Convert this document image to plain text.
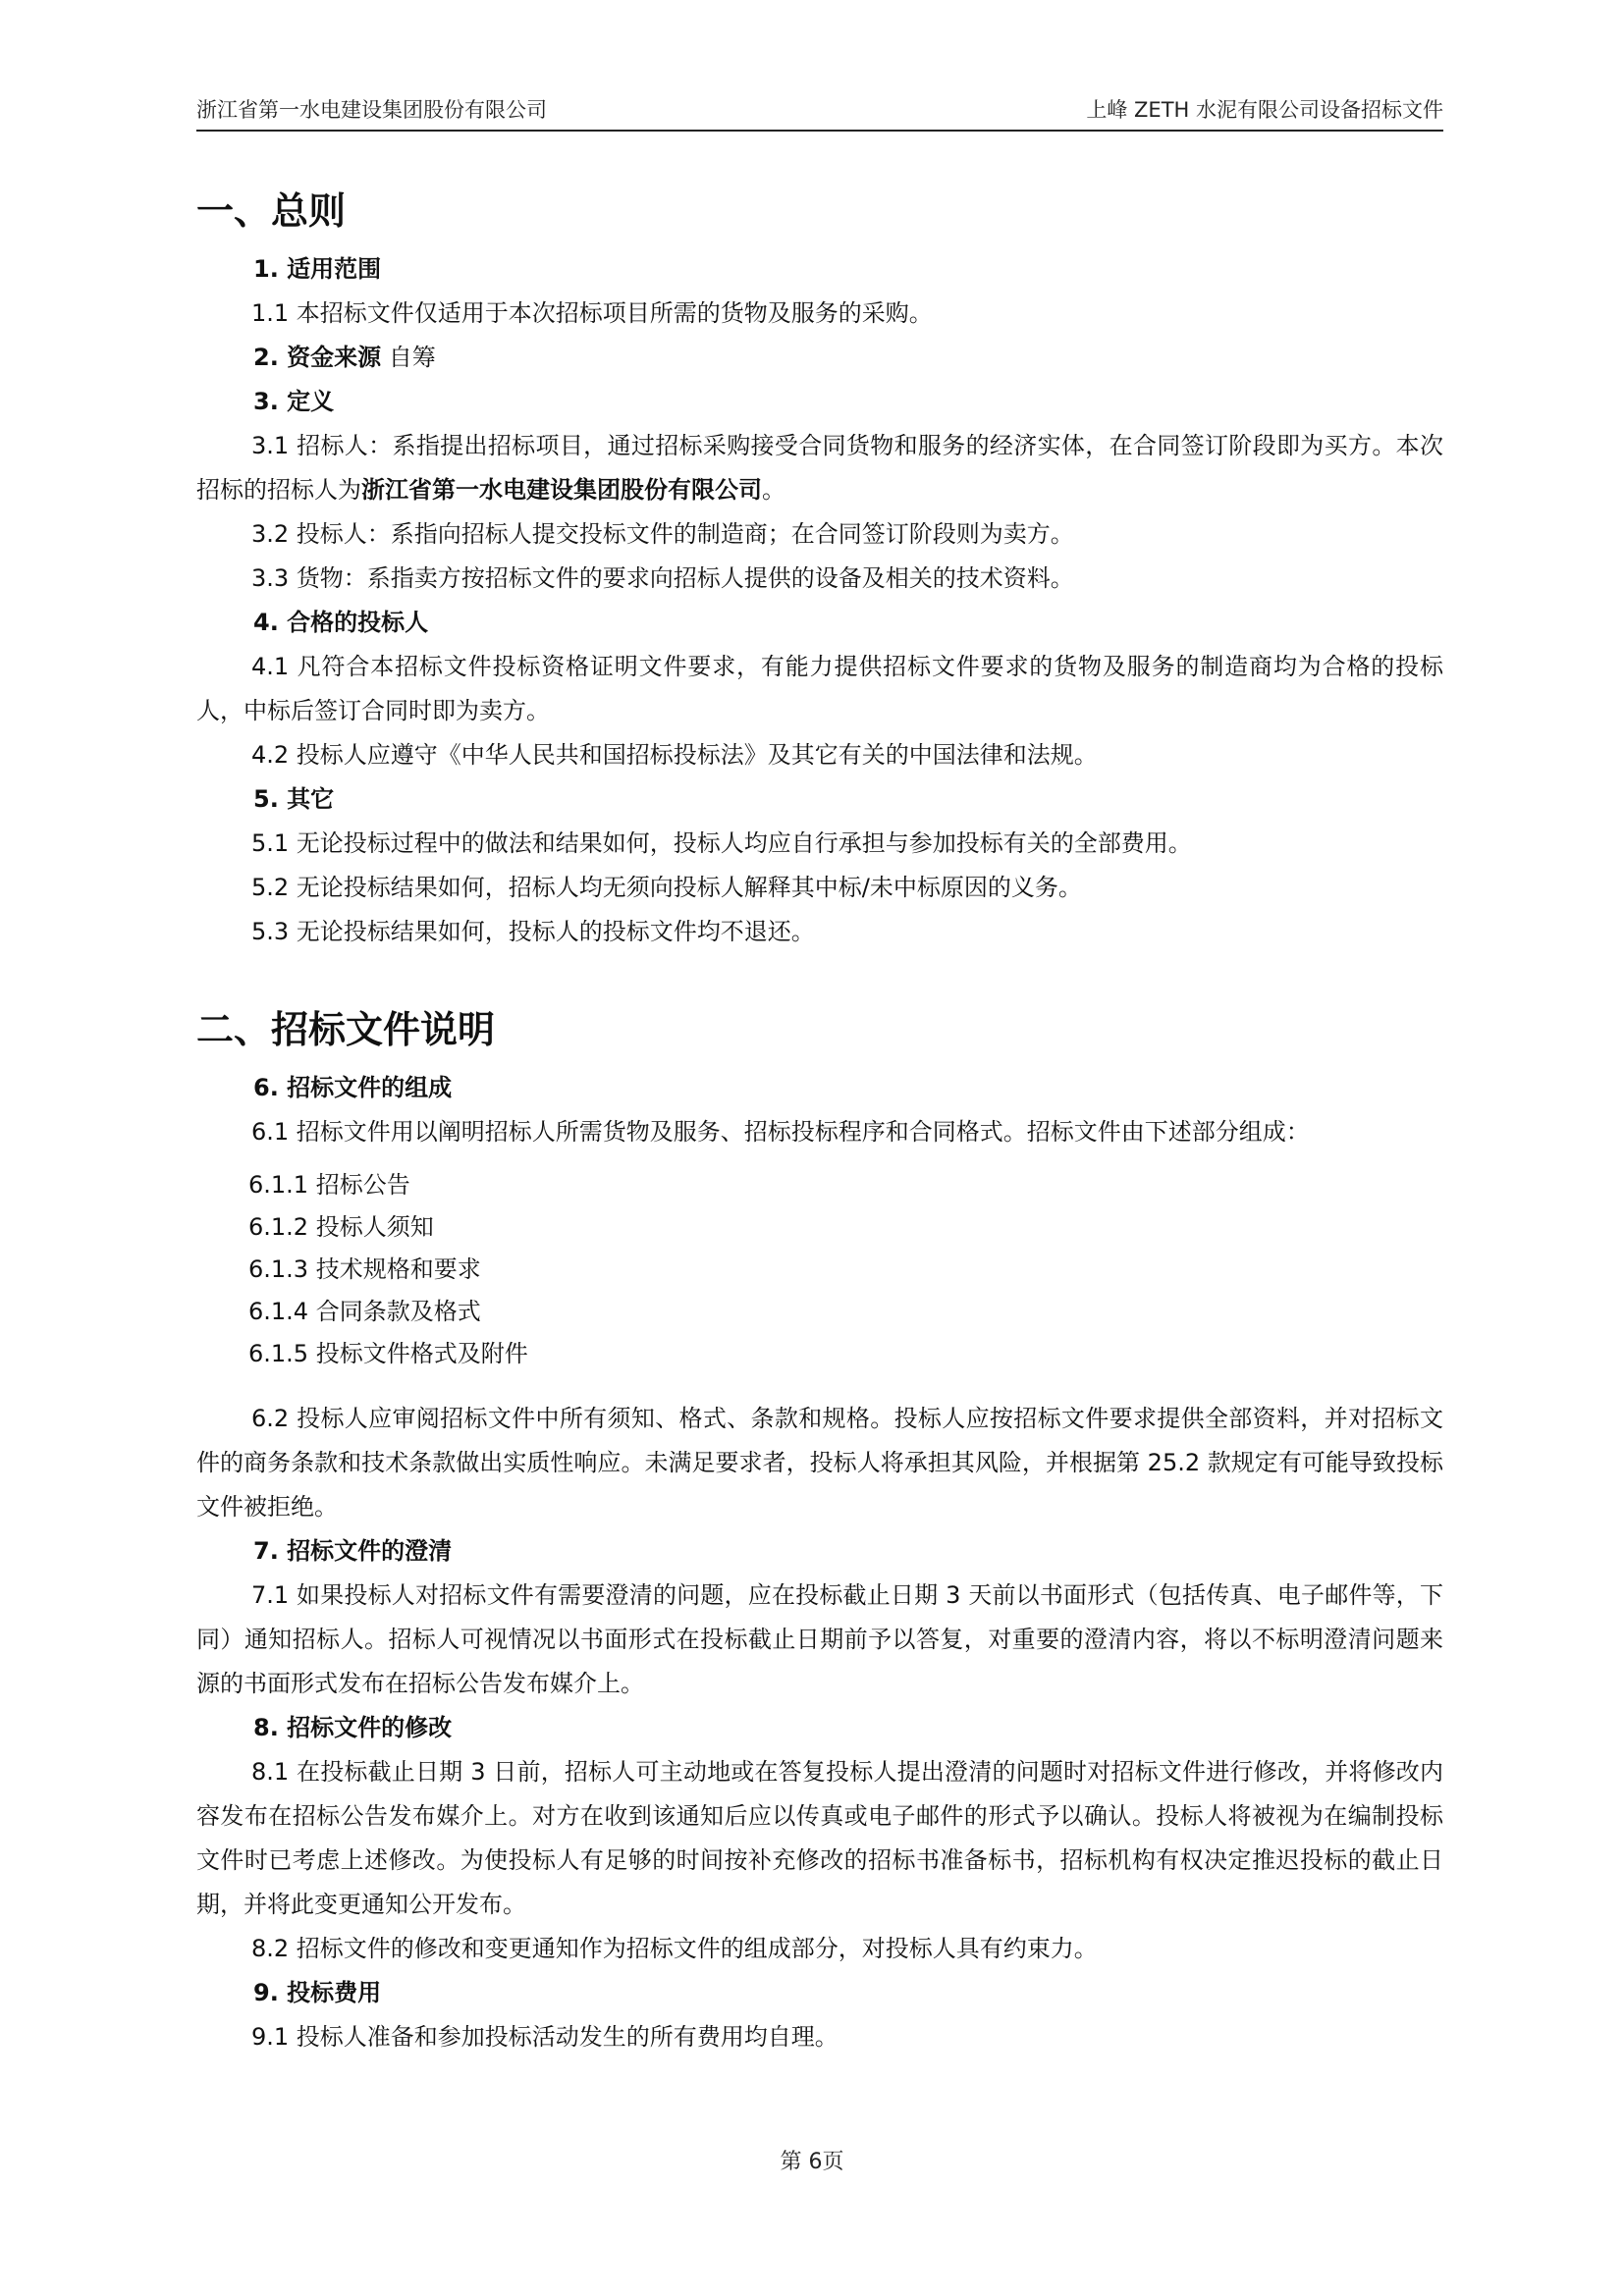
浙江省第一水电建设集团股份有限公司	上峰 ZETH 水泥有限公司设备招标文件
一、总则
1. 适用范围
1.1 本招标文件仅适用于本次招标项目所需的货物及服务的采购。
2. 资金来源 自筹
3. 定义
3.1 招标人：系指提出招标项目，通过招标采购接受合同货物和服务的经济实体，在合同签订阶段即为买方。本次招标的招标人为浙江省第一水电建设集团股份有限公司。
3.2 投标人：系指向招标人提交投标文件的制造商；在合同签订阶段则为卖方。
3.3 货物：系指卖方按招标文件的要求向招标人提供的设备及相关的技术资料。
4. 合格的投标人
4.1 凡符合本招标文件投标资格证明文件要求，有能力提供招标文件要求的货物及服务的制造商均为合格的投标人，中标后签订合同时即为卖方。
4.2 投标人应遵守《中华人民共和国招标投标法》及其它有关的中国法律和法规。
5. 其它
5.1 无论投标过程中的做法和结果如何，投标人均应自行承担与参加投标有关的全部费用。
5.2 无论投标结果如何，招标人均无须向投标人解释其中标/未中标原因的义务。
5.3 无论投标结果如何，投标人的投标文件均不退还。
二、招标文件说明
6. 招标文件的组成
6.1 招标文件用以阐明招标人所需货物及服务、招标投标程序和合同格式。招标文件由下述部分组成：
6.1.1 招标公告
6.1.2 投标人须知
6.1.3 技术规格和要求
6.1.4 合同条款及格式
6.1.5 投标文件格式及附件
6.2 投标人应审阅招标文件中所有须知、格式、条款和规格。投标人应按招标文件要求提供全部资料，并对招标文件的商务条款和技术条款做出实质性响应。未满足要求者，投标人将承担其风险，并根据第 25.2 款规定有可能导致投标文件被拒绝。
7. 招标文件的澄清
7.1 如果投标人对招标文件有需要澄清的问题，应在投标截止日期 3 天前以书面形式（包括传真、电子邮件等，下同）通知招标人。招标人可视情况以书面形式在投标截止日期前予以答复，对重要的澄清内容，将以不标明澄清问题来源的书面形式发布在招标公告发布媒介上。
8. 招标文件的修改
8.1 在投标截止日期 3 日前，招标人可主动地或在答复投标人提出澄清的问题时对招标文件进行修改，并将修改内容发布在招标公告发布媒介上。对方在收到该通知后应以传真或电子邮件的形式予以确认。投标人将被视为在编制投标文件时已考虑上述修改。为使投标人有足够的时间按补充修改的招标书准备标书，招标机构有权决定推迟投标的截止日期，并将此变更通知公开发布。
8.2 招标文件的修改和变更通知作为招标文件的组成部分，对投标人具有约束力。
9. 投标费用
9.1 投标人准备和参加投标活动发生的所有费用均自理。
第 6页
